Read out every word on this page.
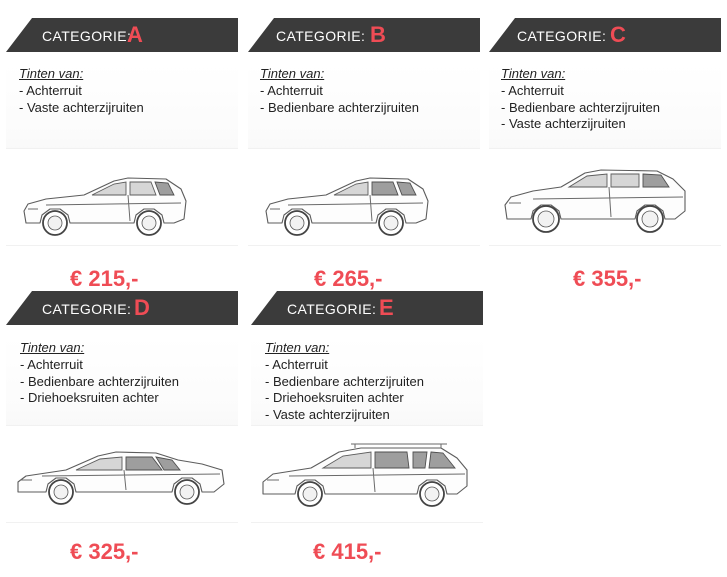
CATEGORIE:
A
Tinten van:
- Achterruit
- Vaste achterzijruiten
€ 215,-
CATEGORIE: B
Tinten van:
- Achterruit
- Bedienbare achterzijruiten
€ 265,-
CATEGORIE: C
Tinten van:
- Achterruit
- Bedienbare achterzijruiten
- Vaste achterzijruiten
€ 355,-
CATEGORIE: D
Tinten van:
- Achterruit
- Bedienbare achterzijruiten
- Driehoeksruiten achter
€ 325,-
CATEGORIE: E
Tinten van:
- Achterruit
- Bedienbare achterzijruiten
- Driehoeksruiten achter
- Vaste achterzijruiten
€ 415,-
